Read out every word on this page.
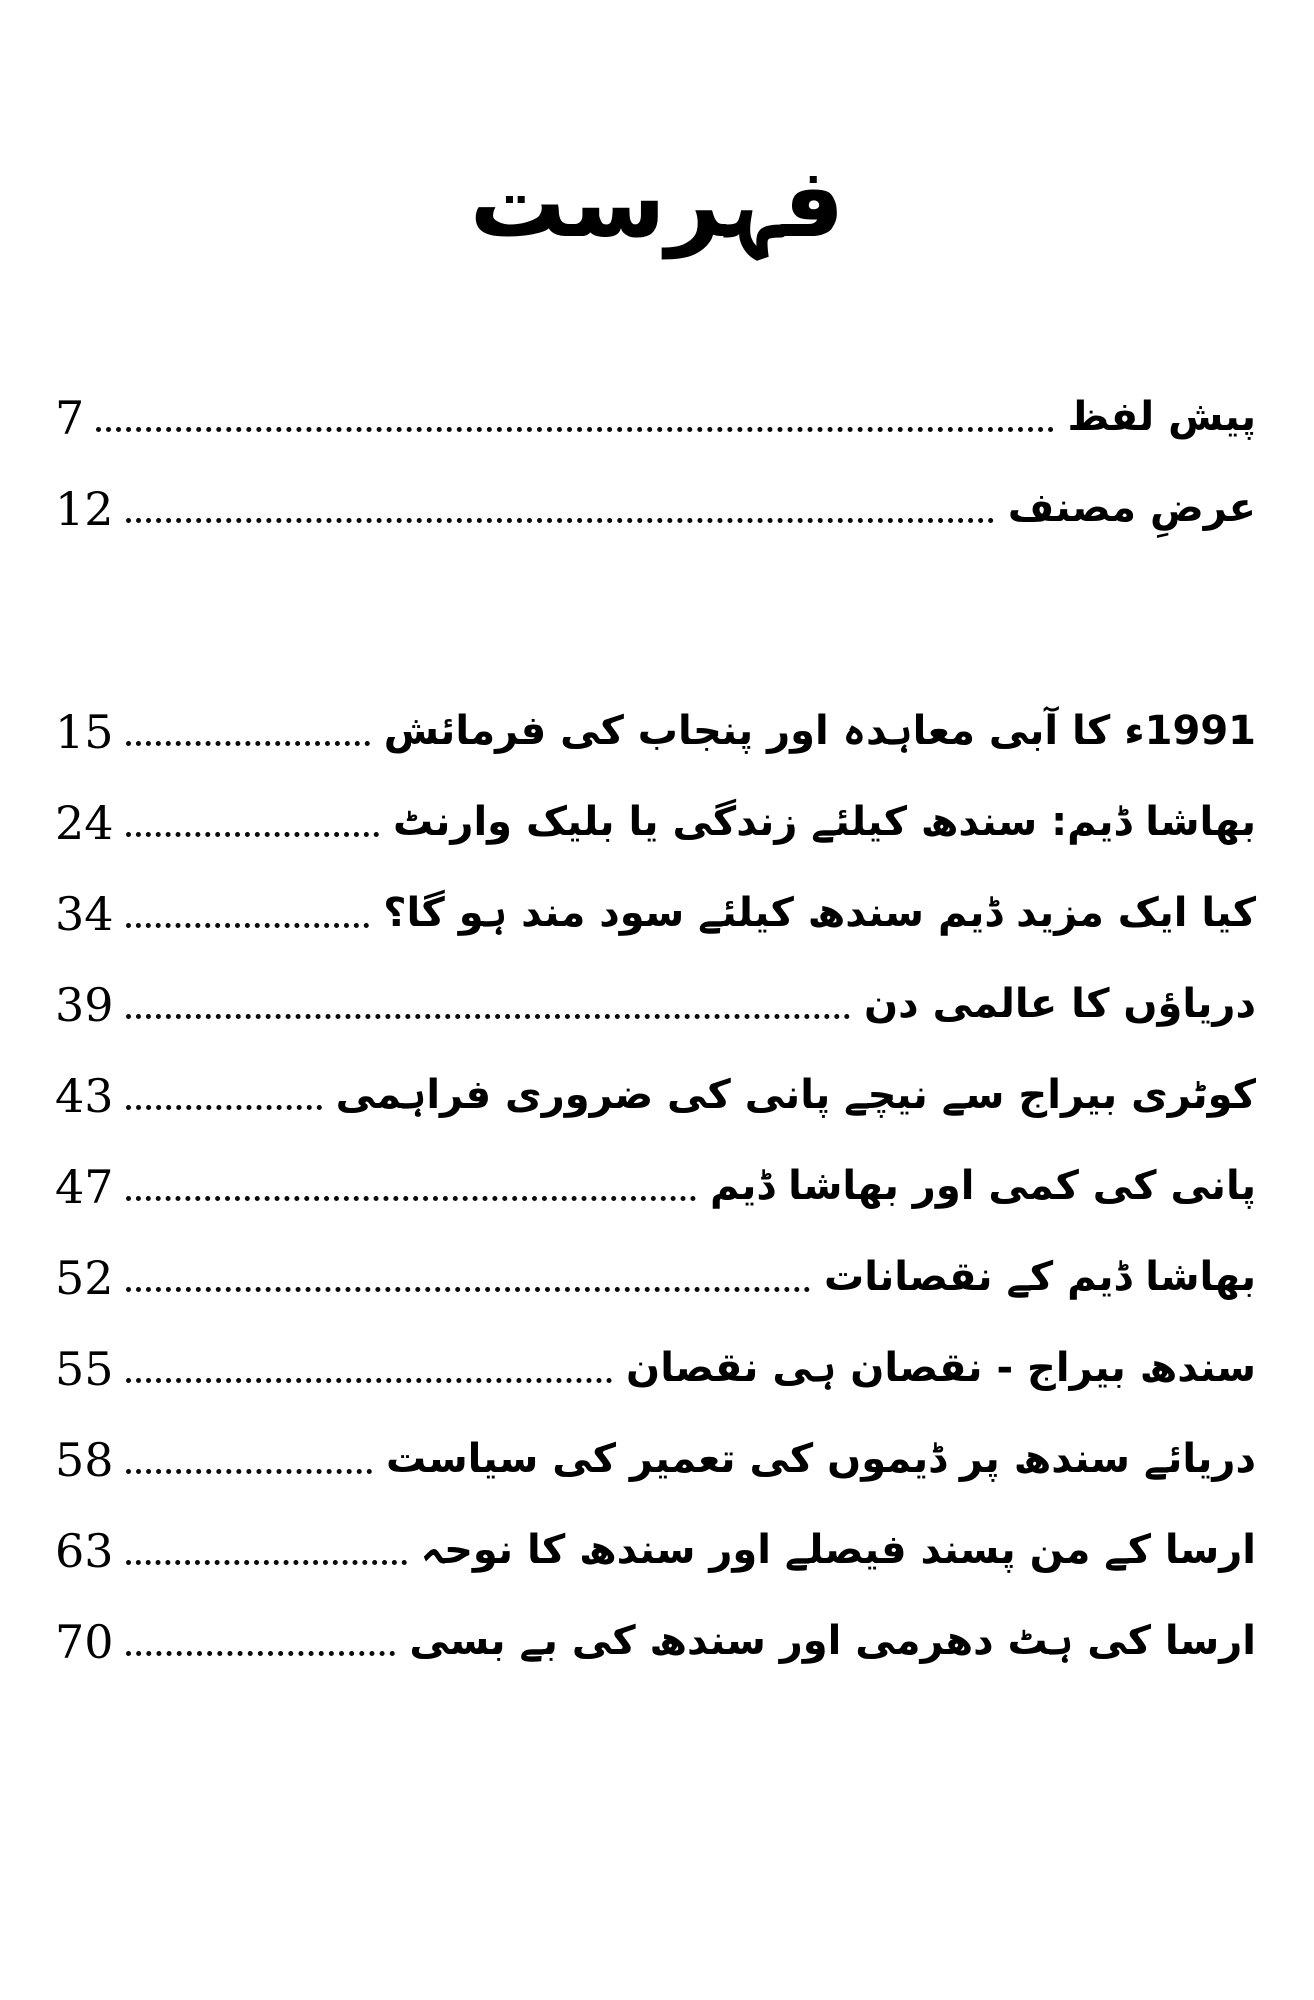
فہرست
7	پیش لفظ
12	عرضِ مصنف
15	1991ء کا آبی معاہدہ اور پنجاب کی فرمائش
24	بھاشا ڈیم: سندھ کیلئے زندگی یا بلیک وارنٹ
34	کیا ایک مزید ڈیم سندھ کیلئے سود مند ہو گا؟
39	دریاؤں کا عالمی دن
43	کوٹری بیراج سے نیچے پانی کی ضروری فراہمی
47	پانی کی کمی اور بھاشا ڈیم
52	بھاشا ڈیم کے نقصانات
55	سندھ بیراج - نقصان ہی نقصان
58	دریائے سندھ پر ڈیموں کی تعمیر کی سیاست
63	ارسا کے من پسند فیصلے اور سندھ کا نوحہ
70	ارسا کی ہٹ دھرمی اور سندھ کی بے بسی
